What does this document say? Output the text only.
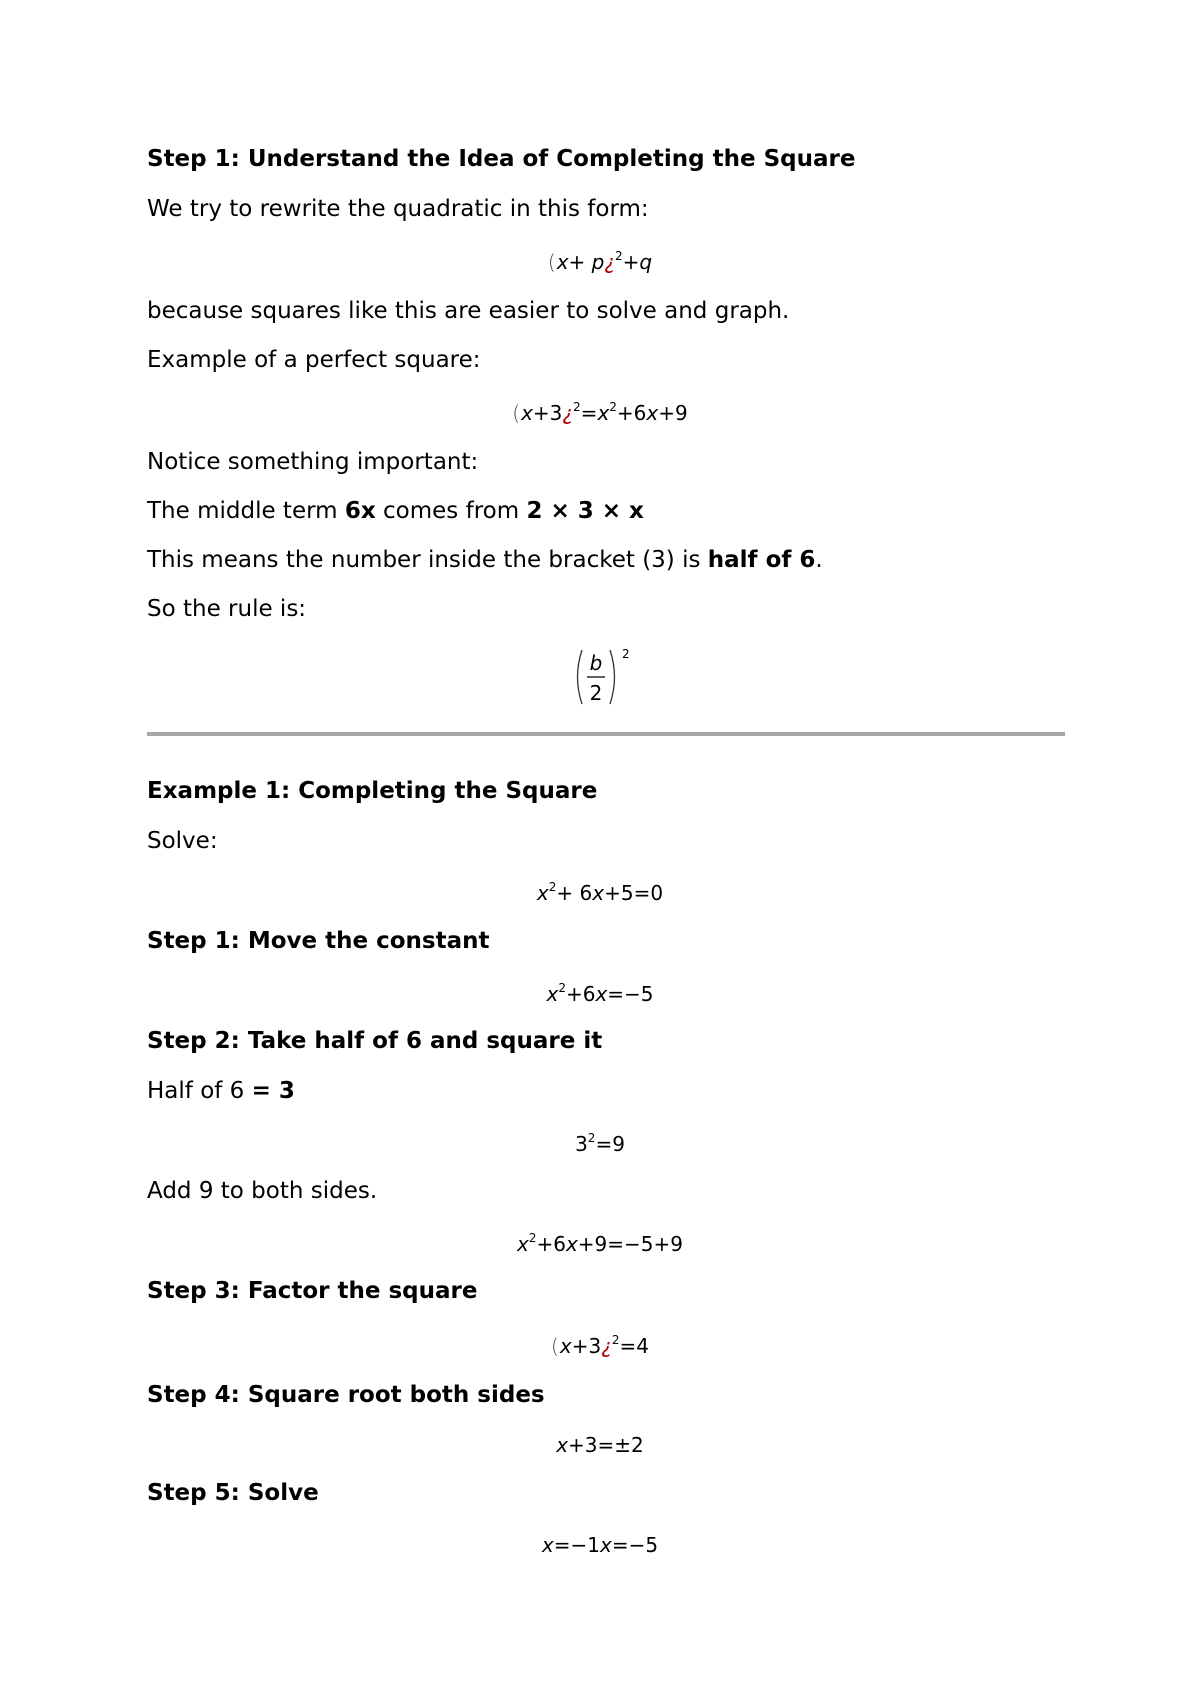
Step 1: Understand the Idea of Completing the Square
We try to rewrite the quadratic in this form:
(x+ p¿$^2$+q
because squares like this are easier to solve and graph.
Example of a perfect square:
($x+3¿^2=x^2+6x+9$
Notice something important:
The middle term 6x comes from 2 × 3 × x
This means the number inside the bracket (3) is half of 6.
So the rule is:
b
2
2
Example 1: Completing the Square
Solve:
$x^2+ 6x+5=0$
Step 1: Move the constant
$x^2+6x=-5$
Step 2: Take half of 6 and square it
Half of 6 = 3
$3^2=9$
Add 9 to both sides.
$x^2+6x+9=-5+9$
Step 3: Factor the square
(x+3¿$^2$=4
Step 4: Square root both sides
x+3=±2
Step 5: Solve
x=−1x=−5
